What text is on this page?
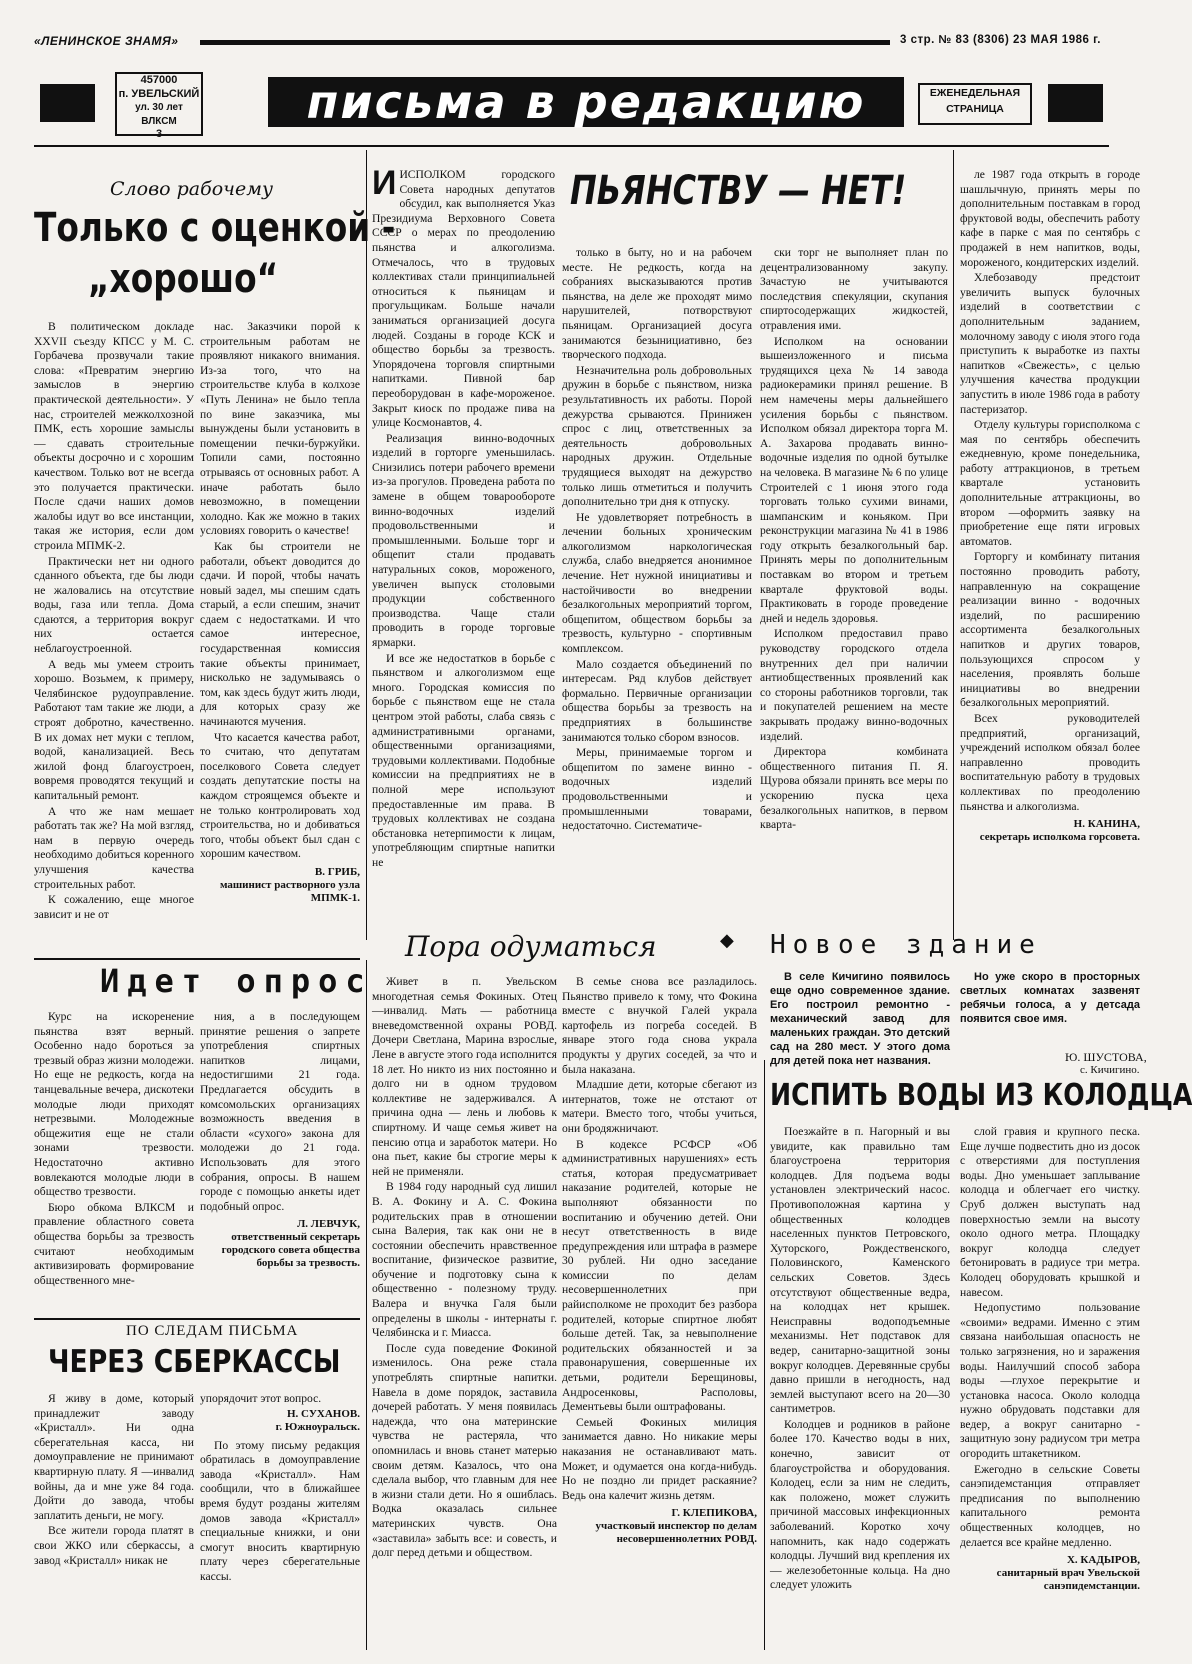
«ЛЕНИНСКОЕ ЗНАМЯ»	3 стр. № 83 (8306) 23 МАЯ 1986 г.
457000
п. УВЕЛЬСКИЙ
ул. 30 лет ВЛКСМ
3
письма в редакцию	ЕЖЕНЕДЕЛЬНАЯ
СТРАНИЦА
Слово рабочему
Только с оценкой -
„хорошо“

В политическом докладе XXVII съезду КПСС у М. С. Горбачева прозвучали такие слова: «Превратим энергию замыслов в энергию практической деятельности». У нас, строителей межколхозной ПМК, есть хорошие замыслы — сдавать строительные объекты досрочно и с хорошим качеством. Только вот не всегда это получается практически. После сдачи наших домов жалобы идут во все инстанции, такая же история, если дом строила МПМК-2.

Практически нет ни одного сданного объекта, где бы люди не жаловались на отсутствие воды, газа или тепла. Дома сдаются, а территория вокруг них остается неблагоустроенной.

А ведь мы умеем строить хорошо. Возьмем, к примеру, Челябинское рудоуправление. Работают там такие же люди, а строят добротно, качественно. В их домах нет муки с теплом, водой, канализацией. Весь жилой фонд благоустроен, вовремя проводятся текущий и капитальный ремонт.

А что же нам мешает работать так же? На мой взгляд, нам в первую очередь необходимо добиться коренного улучшения качества строительных работ.

К сожалению, еще многое зависит и не от

нас. Заказчики порой к строительным работам не проявляют никакого внимания. Из-за того, что на строительстве клуба в колхозе «Путь Ленина» не было тепла по вине заказчика, мы вынуждены были установить в помещении печки-буржуйки. Топили сами, постоянно отрываясь от основных работ. А иначе работать было невозможно, в помещении холодно. Как же можно в таких условиях говорить о качестве!

Как бы строители не работали, объект доводится до сдачи. И порой, чтобы начать новый задел, мы спешим сдать старый, а если спешим, значит сдаем с недостатками. И что самое интересное, государственная комиссия такие объекты принимает, нисколько не задумываясь о том, как здесь будут жить люди, для которых сразу же начинаются мучения.

Что касается качества работ, то считаю, что депутатам поселкового Совета следует создать депутатские посты на каждом строящемся объекте и не только контролировать ход строительства, но и добиваться того, чтобы объект был сдан с хорошим качеством.

В. ГРИБ,
машинист растворного узла МПМК-1.

ИИСПОЛКОМ городского Совета народных депутатов обсудил, как выполняется Указ Президиума Верховного Совета СССР о мерах по преодолению пьянства и алкоголизма. Отмечалось, что в трудовых коллективах стали принципиальней относиться к пьяницам и прогульщикам. Больше начали заниматься организацией досуга людей. Созданы в городе КСК и общество борьбы за трезвость. Упорядочена торговля спиртными напитками. Пивной бар переоборудован в кафе-мороженое. Закрыт киоск по продаже пива на улице Космонавтов, 4.

Реализация винно-водочных изделий в горторге уменьшилась. Снизились потери рабочего времени из-за прогулов. Проведена работа по замене в общем товарообороте винно-водочных изделий продовольственными и промышленными. Больше торг и общепит стали продавать натуральных соков, мороженого, увеличен выпуск столовыми продукции собственного производства. Чаще стали проводить в городе торговые ярмарки.

И все же недостатков в борьбе с пьянством и алкоголизмом еще много. Городская комиссия по борьбе с пьянством еще не стала центром этой работы, слаба связь с административными органами, общественными организациями, трудовыми коллективами. Подобные комиссии на предприятиях не в полной мере используют предоставленные им права. В трудовых коллективах не создана обстановка нетерпимости к лицам, употребляющим спиртные напитки не

ПЬЯНСТВУ — НЕТ!

только в быту, но и на рабочем месте. Не редкость, когда на собраниях высказываются против пьянства, на деле же проходят мимо нарушителей, потворствуют пьяницам. Организацией досуга занимаются безынициативно, без творческого подхода.

Незначительна роль добровольных дружин в борьбе с пьянством, низка результативность их работы. Порой дежурства срываются. Принижен спрос с лиц, ответственных за деятельность добровольных народных дружин. Отдельные трудящиеся выходят на дежурство только лишь отметиться и получить дополнительно три дня к отпуску.

Не удовлетворяет потребность в лечении больных хроническим алкоголизмом наркологическая служба, слабо внедряется анонимное лечение. Нет нужной инициативы и настойчивости во внедрении безалкогольных мероприятий торгом, общепитом, обществом борьбы за трезвость, культурно - спортивным комплексом.

Мало создается объединений по интересам. Ряд клубов действует формально. Первичные организации общества борьбы за трезвость на предприятиях в большинстве занимаются только сбором взносов.

Меры, принимаемые торгом и общепитом по замене винно - водочных изделий продовольственными и промышленными товарами, недостаточно. Систематиче-

ски торг не выполняет план по децентрализованному закупу. Зачастую не учитываются последствия спекуляции, скупания спиртосодержащих жидкостей, отравления ими.

Исполком на основании вышеизложенного и письма трудящихся цеха № 14 завода радиокерамики принял решение. В нем намечены меры дальнейшего усиления борьбы с пьянством. Исполком обязал директора торга М. А. Захарова продавать винно-водочные изделия по одной бутылке на человека. В магазине № 6 по улице Строителей с 1 июня этого года торговать только сухими винами, шампанским и коньяком. При реконструкции магазина № 41 в 1986 году открыть безалкогольный бар. Принять меры по дополнительным поставкам во втором и третьем квартале фруктовой воды. Практиковать в городе проведение дней и недель здоровья.

Исполком предоставил право руководству городского отдела внутренних дел при наличии антиобщественных проявлений как со стороны работников торговли, так и покупателей решением на месте закрывать продажу винно-водочных изделий.

Директора комбината общественного питания П. Я. Щурова обязали принять все меры по ускорению пуска цеха безалкогольных напитков, в первом кварта-

ле 1987 года открыть в городе шашлычную, принять меры по дополнительным поставкам в город фруктовой воды, обеспечить работу кафе в парке с мая по сентябрь с продажей в нем напитков, воды, мороженого, кондитерских изделий.

Хлебозаводу предстоит увеличить выпуск булочных изделий в соответствии с дополнительным заданием, молочному заводу с июля этого года приступить к выработке из пахты напитков «Свежесть», с целью улучшения качества продукции запустить в июле 1986 года в работу пастеризатор.

Отделу культуры горисполкома с мая по сентябрь обеспечить ежедневную, кроме понедельника, работу аттракционов, в третьем квартале установить дополнительные аттракционы, во втором —оформить заявку на приобретение еще пяти игровых автоматов.

Горторгу и комбинату питания постоянно проводить работу, направленную на сокращение реализации винно - водочных изделий, по расширению ассортимента безалкогольных напитков и других товаров, пользующихся спросом у населения, проявлять больше инициативы во внедрении безалкогольных мероприятий.

Всех руководителей предприятий, организаций, учреждений исполком обязал более направленно проводить воспитательную работу в трудовых коллективах по преодолению пьянства и алкоголизма.

Н. КАНИНА,
секретарь исполкома горсовета.
Идет опрос

Курс на искоренение пьянства взят верный. Особенно надо бороться за трезвый образ жизни молодежи. Но еще не редкость, когда на танцевальные вечера, дискотеки молодые люди приходят нетрезвыми. Молодежные общежития еще не стали зонами трезвости. Недостаточно активно вовлекаются молодые люди в общество трезвости.

Бюро обкома ВЛКСМ и правление областного совета общества борьбы за трезвость считают необходимым активизировать формирование общественного мне-

ния, а в последующем принятие решения о запрете употребления спиртных напитков лицами, недостигшими 21 года. Предлагается обсудить в комсомольских организациях возможность введения в области «сухого» закона для молодежи до 21 года. Использовать для этого собрания, опросы. В нашем городе с помощью анкеты идет подобный опрос.

Л. ЛЕВЧУК,
ответственный секретарь городского совета общества борьбы за трезвость.
ПО СЛЕДАМ ПИСЬМА
ЧЕРЕЗ СБЕРКАССЫ

Я живу в доме, который принадлежит заводу «Кристалл». Ни одна сберегательная касса, ни домоуправление не принимают квартирную плату. Я —инвалид войны, да и мне уже 84 года. Дойти до завода, чтобы заплатить деньги, не могу.

Все жители города платят в свои ЖКО или сберкассы, а завод «Кристалл» никак не

упорядочит этот вопрос.

Н. СУХАНОВ.
г. Южноуральск.

По этому письму редакция обратилась в домоуправление завода «Кристалл». Нам сообщили, что в ближайшее время будут розданы жителям домов завода «Кристалл» специальные книжки, и они смогут вносить квартирную плату через сберегательные кассы.

Пора одуматься	◆

Живет в п. Увельском многодетная семья Фокиных. Отец —инвалид. Мать — работница вневедомственной охраны РОВД. Дочери Светлана, Марина взрослые, Лене в августе этого года исполнится 18 лет. Но никто из них постоянно и долго ни в одном трудовом коллективе не задерживался. А причина одна — лень и любовь к спиртному. И чаще семья живет на пенсию отца и заработок матери. Но она пьет, какие бы строгие меры к ней не применяли.

В 1984 году народный суд лишил В. А. Фокину и А. С. Фокина родительских прав в отношении сына Валерия, так как они не в состоянии обеспечить нравственное воспитание, физическое развитие, обучение и подготовку сына к общественно - полезному труду. Валера и внучка Галя были определены в школы - интернаты г. Челябинска и г. Миасса.

После суда поведение Фокиной изменилось. Она реже стала употреблять спиртные напитки. Навела в доме порядок, заставила дочерей работать. У меня появилась надежда, что она материнские чувства не растеряла, что опомнилась и вновь станет матерью своим детям. Казалось, что она сделала выбор, что главным для нее в жизни стали дети. Но я ошиблась. Водка оказалась сильнее материнских чувств. Она «заставила» забыть все: и совесть, и долг перед детьми и обществом.

В семье снова все разладилось. Пьянство привело к тому, что Фокина вместе с внучкой Галей украла картофель из погреба соседей. В январе этого года снова украла продукты у других соседей, за что и была наказана.

Младшие дети, которые сбегают из интернатов, тоже не отстают от матери. Вместо того, чтобы учиться, они бродяжничают.

В кодексе РСФСР «Об административных нарушениях» есть статья, которая предусматривает наказание родителей, которые не выполняют обязанности по воспитанию и обучению детей. Они несут ответственность в виде предупреждения или штрафа в размере 30 рублей. Ни одно заседание комиссии по делам несовершеннолетних при райисполкоме не проходит без разбора родителей, которые спиртное любят больше детей. Так, за невыполнение родительских обязанностей и за правонарушения, совершенные их детьми, родители Берещиновы, Андросенковы, Располовы, Дементьевы были оштрафованы.

Семьей Фокиных милиция занимается давно. Но никакие меры наказания не останавливают мать. Может, и одумается она когда-нибудь. Но не поздно ли придет раскаяние? Ведь она калечит жизнь детям.

Г. КЛЕПИКОВА,
участковый инспектор по делам несовершеннолетних РОВД.
Новое здание

В селе Кичигино появилось еще одно современное здание. Его построил ремонтно - механический завод для маленьких граждан. Это детский сад на 280 мест. У этого дома для детей пока нет названия.

Но уже скоро в просторных светлых комнатах зазвенят ребячьи голоса, а у детсада появится свое имя.

Ю. ШУСТОВА,
с. Кичигино.
ИСПИТЬ ВОДЫ ИЗ КОЛОДЦА

Поезжайте в п. Нагорный и вы увидите, как правильно там благоустроена территория колодцев. Для подъема воды установлен электрический насос. Противоположная картина у общественных колодцев населенных пунктов Петровского, Хуторского, Рождественского, Половинского, Каменского сельских Советов. Здесь отсутствуют общественные ведра, на колодцах нет крышек. Неисправны водоподъемные механизмы. Нет подставок для ведер, санитарно-защитной зоны вокруг колодцев. Деревянные срубы давно пришли в негодность, над землей выступают всего на 20—30 сантиметров.

Колодцев и родников в районе более 170. Качество воды в них, конечно, зависит от благоустройства и оборудования. Колодец, если за ним не следить, как положено, может служить причиной массовых инфекционных заболеваний. Коротко хочу напомнить, как надо содержать колодцы. Лучший вид крепления их — железобетонные кольца. На дно следует уложить

слой гравия и крупного песка. Еще лучше подвестить дно из досок с отверстиями для поступления воды. Дно уменьшает заплывание колодца и облегчает его чистку. Сруб должен выступать над поверхностью земли на высоту около одного метра. Площадку вокруг колодца следует бетонировать в радиусе три метра. Колодец оборудовать крышкой и навесом.

Недопустимо пользование «своими» ведрами. Именно с этим связана наибольшая опасность не только загрязнения, но и заражения воды. Наилучший способ забора воды —глухое перекрытие и установка насоса. Около колодца нужно обрудовать подставки для ведер, а вокруг санитарно - защитную зону радиусом три метра огородить штакетником.

Ежегодно в сельские Советы санэпидемстанция отправляет предписания по выполнению капитального ремонта общественных колодцев, но делается все крайне медленно.

Х. КАДЫРОВ,
санитарный врач Увельской санэпидемстанции.
